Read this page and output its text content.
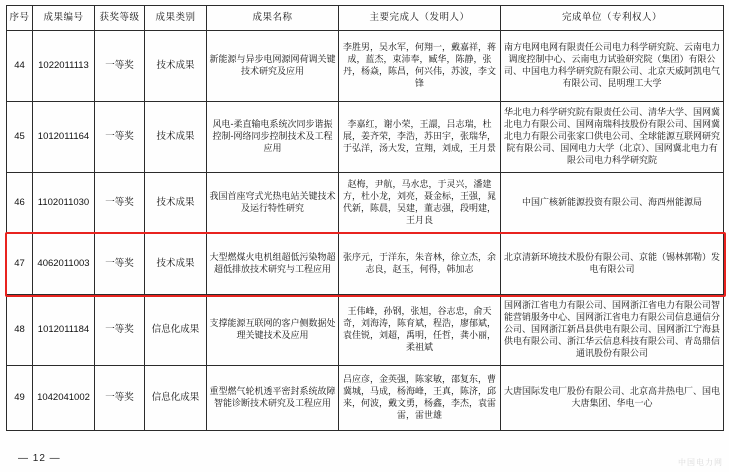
序号	成果编号	获奖等级	成果类别	成果名称	主要完成人（发明人）	完成单位（专利权人）
44	1022011113	一等奖	技术成果	新能源与异步电网源网荷调关键技术研究及应用	李胜男，吴水军，何翔一，戴嘉祥，蒋成，蓝杰，束沛奉，臧华，陈静，张丹，杨焱，陈昌，何兴伟，苏波，李文锋	南方电网电网有限责任公司电力科学研究院、云南电力调度控制中心、云南电力试验研究院（集团）有限公司、中国电力科学研究院有限公司、北京天威阿凯电气有限公司、昆明理工大学
45	1012011164	一等奖	技术成果	风电-柔直输电系统次同步谐振控制-网络同步控制技术及工程应用	李嘉红，谢小荣，王譞，吕志瑞，杜展，姜齐荣，李浩，苏田宇，张瑞华，于弘洋，汤大发，宣翔，刘成，王月景	华北电力科学研究院有限责任公司、清华大学、国网冀北电力有限公司、国网南瑞科技股份有限公司、国网冀北电力有限公司张家口供电公司、全球能源互联网研究院有限公司、国网电力大学（北京）、国网冀北电力有限公司电力科学研究院
46	1102011030	一等奖	技术成果	我国首座穹式光热电站关键技术及运行特性研究	赵梅，尹航，马水忠，于灵兴，潘建方，杜小龙，刘亮，聂金标，王强，晁代新，陈晨，吴建，董志强，段明建，王月良	中国广核新能源投资有限公司、海西州能源局
47	4062011003	一等奖	技术成果	大型燃煤火电机组超低污染物超超低排放技术研究与工程应用	张序元，于洋东，朱音林，徐立杰，余志良，赵玉，何得，韩加志	北京清新环境技术股份有限公司、京能（锡林郭勒）发电有限公司
48	1012011184	一等奖	信息化成果	支撑能源互联网的客户侧数据处理关键技术及应用	王伟峰，孙钢，张旭，谷志忠，俞天奇，刘海涛，陈育斌，程浩，廖郁斌，袁佳锐，刘超，禹明，任哲，龚小丽，柔祖斌	国网浙江省电力有限公司、国网浙江省电力有限公司智能营销服务中心、国网浙江省电力有限公司信息通信分公司、国网浙江新昌县供电有限公司、国网浙江宁海县供电有限公司、浙江华云信息科技有限公司、青岛鼎信通讯股份有限公司
49	1042041002	一等奖	信息化成果	重型燃气轮机透平密封系统故障智能诊断技术研究及工程应用	吕应彦，金英强，陈家敏，邵复东，曹冀城，马成，杨海峰，王真，陈济，邱来，何波，戴文勇，杨鑫，李杰，袁雷雷，雷世雄	大唐国际发电厂股份有限公司、北京高井热电厂、国电大唐集团、华电一心
— 12 —	中国电力网
